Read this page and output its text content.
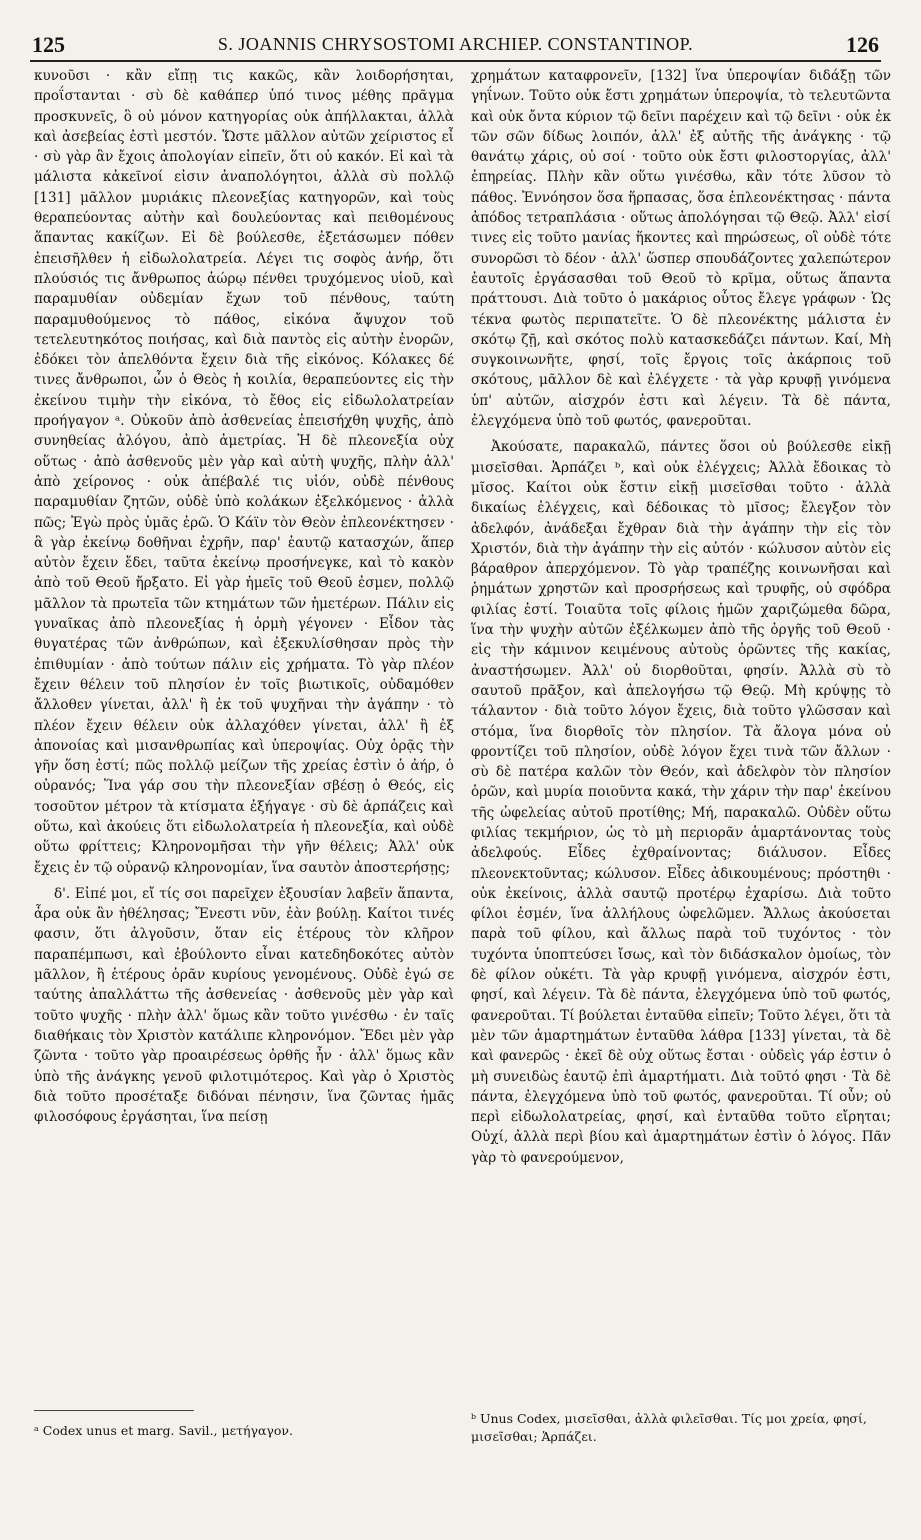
125	S. JOANNIS CHRYSOSTOMI ARCHIEP. CONSTANTINOP.	126

κυνοῦσι · κἂν εἴπῃ τις κακῶς, κἂν λοιδορήσηται, προΐστανται · σὺ δὲ καθάπερ ὑπό τινος μέθης πρᾶγμα προσκυνεῖς, ὃ οὐ μόνον κατηγορίας οὐκ ἀπήλλακται, ἀλλὰ καὶ ἀσεβείας ἐστὶ μεστόν. Ὥστε μᾶλλον αὐτῶν χείριστος εἶ · σὺ γὰρ ἂν ἔχοις ἀπολογίαν εἰπεῖν, ὅτι οὐ κακόν. Εἰ καὶ τὰ μάλιστα κἀκεῖνοί εἰσιν ἀναπολόγητοι, ἀλλὰ σὺ πολλῷ [131] μᾶλλον μυριάκις πλεονεξίας κατηγορῶν, καὶ τοὺς θεραπεύοντας αὐτὴν καὶ δουλεύοντας καὶ πειθομένους ἅπαντας κακίζων. Εἰ δὲ βούλεσθε, ἐξετάσωμεν πόθεν ἐπεισῆλθεν ἡ εἰδωλολατρεία. Λέγει τις σοφὸς ἀνήρ, ὅτι πλούσιός τις ἄνθρωπος ἀώρῳ πένθει τρυχόμενος υἱοῦ, καὶ παραμυθίαν οὐδεμίαν ἔχων τοῦ πένθους, ταύτη παραμυθούμενος τὸ πάθος, εἰκόνα ἄψυχον τοῦ τετελευτηκότος ποιήσας, καὶ διὰ παντὸς εἰς αὐτὴν ἐνορῶν, ἐδόκει τὸν ἀπελθόντα ἔχειν διὰ τῆς εἰκόνος. Κόλακες δέ τινες ἄνθρωποι, ὧν ὁ Θεὸς ἡ κοιλία, θεραπεύοντες εἰς τὴν ἐκείνου τιμὴν τὴν εἰκόνα, τὸ ἔθος εἰς εἰδωλολατρείαν προήγαγον ᵃ. Οὐκοῦν ἀπὸ ἀσθενείας ἐπεισήχθη ψυχῆς, ἀπὸ συνηθείας ἀλόγου, ἀπὸ ἀμετρίας. Ἡ δὲ πλεονεξία οὐχ οὕτως · ἀπὸ ἀσθενοῦς μὲν γὰρ καὶ αὐτὴ ψυχῆς, πλὴν ἀλλ' ἀπὸ χείρονος · οὐκ ἀπέβαλέ τις υἱόν, οὐδὲ πένθους παραμυθίαν ζητῶν, οὐδὲ ὑπὸ κολάκων ἐξελκόμενος · ἀλλὰ πῶς; Ἐγὼ πρὸς ὑμᾶς ἐρῶ. Ὁ Κάϊν τὸν Θεὸν ἐπλεονέκτησεν · ἃ γὰρ ἐκείνῳ δοθῆναι ἐχρῆν, παρ' ἑαυτῷ κατασχών, ἅπερ αὐτὸν ἔχειν ἔδει, ταῦτα ἐκείνῳ προσήνεγκε, καὶ τὸ κακὸν ἀπὸ τοῦ Θεοῦ ἤρξατο. Εἰ γὰρ ἡμεῖς τοῦ Θεοῦ ἐσμεν, πολλῷ μᾶλλον τὰ πρωτεῖα τῶν κτημάτων τῶν ἡμετέρων. Πάλιν εἰς γυναῖκας ἀπὸ πλεονεξίας ἡ ὁρμὴ γέγονεν · Εἶδον τὰς θυγατέρας τῶν ἀνθρώπων, καὶ ἐξεκυλίσθησαν πρὸς τὴν ἐπιθυμίαν · ἀπὸ τούτων πάλιν εἰς χρήματα. Τὸ γὰρ πλέον ἔχειν θέλειν τοῦ πλησίον ἐν τοῖς βιωτικοῖς, οὐδαμόθεν ἄλλοθεν γίνεται, ἀλλ' ἢ ἐκ τοῦ ψυχῆναι τὴν ἀγάπην · τὸ πλέον ἔχειν θέλειν οὐκ ἀλλαχόθεν γίνεται, ἀλλ' ἢ ἐξ ἀπονοίας καὶ μισανθρωπίας καὶ ὑπεροψίας. Οὐχ ὁρᾷς τὴν γῆν ὅση ἐστί; πῶς πολλῷ μείζων τῆς χρείας ἐστὶν ὁ ἀήρ, ὁ οὐρανός; Ἵνα γάρ σου τὴν πλεονεξίαν σβέσῃ ὁ Θεός, εἰς τοσοῦτον μέτρον τὰ κτίσματα ἐξήγαγε · σὺ δὲ ἁρπάζεις καὶ οὕτω, καὶ ἀκούεις ὅτι εἰδωλολατρεία ἡ πλεονεξία, καὶ οὐδὲ οὕτω φρίττεις; Κληρονομῆσαι τὴν γῆν θέλεις; Ἀλλ' οὐκ ἔχεις ἐν τῷ οὐρανῷ κληρονομίαν, ἵνα σαυτὸν ἀποστερήσῃς;

δ'. Εἰπέ μοι, εἴ τίς σοι παρεῖχεν ἐξουσίαν λαβεῖν ἅπαντα, ἆρα οὐκ ἂν ἠθέλησας; Ἔνεστι νῦν, ἐὰν βούλῃ. Καίτοι τινές φασιν, ὅτι ἀλγοῦσιν, ὅταν εἰς ἑτέρους τὸν κλῆρον παραπέμπωσι, καὶ ἐβούλοντο εἶναι κατεδηδοκότες αὐτὸν μᾶλλον, ἢ ἑτέρους ὁρᾶν κυρίους γενομένους. Οὐδὲ ἐγώ σε ταύτης ἀπαλλάττω τῆς ἀσθενείας · ἀσθενοῦς μὲν γὰρ καὶ τοῦτο ψυχῆς · πλὴν ἀλλ' ὅμως κἂν τοῦτο γινέσθω · ἐν ταῖς διαθήκαις τὸν Χριστὸν κατάλιπε κληρονόμον. Ἔδει μὲν γὰρ ζῶντα · τοῦτο γὰρ προαιρέσεως ὀρθῆς ἦν · ἀλλ' ὅμως κἂν ὑπὸ τῆς ἀνάγκης γενοῦ φιλοτιμότερος. Καὶ γὰρ ὁ Χριστὸς διὰ τοῦτο προσέταξε διδόναι πένησιν, ἵνα ζῶντας ἡμᾶς φιλοσόφους ἐργάσηται, ἵνα πείσῃ

χρημάτων καταφρονεῖν, [132] ἵνα ὑπεροψίαν διδάξῃ τῶν γηΐνων. Τοῦτο οὐκ ἔστι χρημάτων ὑπεροψία, τὸ τελευτῶντα καὶ οὐκ ὄντα κύριον τῷ δεῖνι παρέχειν καὶ τῷ δεῖνι · οὐκ ἐκ τῶν σῶν δίδως λοιπόν, ἀλλ' ἐξ αὐτῆς τῆς ἀνάγκης · τῷ θανάτῳ χάρις, οὐ σοί · τοῦτο οὐκ ἔστι φιλοστοργίας, ἀλλ' ἐπηρείας. Πλὴν κἂν οὕτω γινέσθω, κἂν τότε λῦσον τὸ πάθος. Ἐννόησον ὅσα ἥρπασας, ὅσα ἐπλεονέκτησας · πάντα ἀπόδος τετραπλάσια · οὕτως ἀπολόγησαι τῷ Θεῷ. Ἀλλ' εἰσί τινες εἰς τοῦτο μανίας ἥκοντες καὶ πηρώσεως, οἳ οὐδὲ τότε συνορῶσι τὸ δέον · ἀλλ' ὥσπερ σπουδάζοντες χαλεπώτερον ἑαυτοῖς ἐργάσασθαι τοῦ Θεοῦ τὸ κρῖμα, οὕτως ἅπαντα πράττουσι. Διὰ τοῦτο ὁ μακάριος οὗτος ἔλεγε γράφων · Ὡς τέκνα φωτὸς περιπατεῖτε. Ὁ δὲ πλεονέκτης μάλιστα ἐν σκότῳ ζῇ, καὶ σκότος πολὺ κατασκεδάζει πάντων. Καί, Μὴ συγκοινωνῆτε, φησί, τοῖς ἔργοις τοῖς ἀκάρποις τοῦ σκότους, μᾶλλον δὲ καὶ ἐλέγχετε · τὰ γὰρ κρυφῇ γινόμενα ὑπ' αὐτῶν, αἰσχρόν ἐστι καὶ λέγειν. Τὰ δὲ πάντα, ἐλεγχόμενα ὑπὸ τοῦ φωτός, φανεροῦται.

Ἀκούσατε, παρακαλῶ, πάντες ὅσοι οὐ βούλεσθε εἰκῇ μισεῖσθαι. Ἁρπάζει ᵇ, καὶ οὐκ ἐλέγχεις; Ἀλλὰ ἔδοικας τὸ μῖσος. Καίτοι οὐκ ἔστιν εἰκῇ μισεῖσθαι τοῦτο · ἀλλὰ δικαίως ἐλέγχεις, καὶ δέδοικας τὸ μῖσος; ἔλεγξον τὸν ἀδελφόν, ἀνάδεξαι ἔχθραν διὰ τὴν ἀγάπην τὴν εἰς τὸν Χριστόν, διὰ τὴν ἀγάπην τὴν εἰς αὐτόν · κώλυσον αὐτὸν εἰς βάραθρον ἀπερχόμενον. Τὸ γὰρ τραπέζης κοινωνῆσαι καὶ ῥημάτων χρηστῶν καὶ προσρήσεως καὶ τρυφῆς, οὐ σφόδρα φιλίας ἐστί. Τοιαῦτα τοῖς φίλοις ἡμῶν χαριζώμεθα δῶρα, ἵνα τὴν ψυχὴν αὐτῶν ἐξέλκωμεν ἀπὸ τῆς ὀργῆς τοῦ Θεοῦ · εἰς τὴν κάμινον κειμένους αὐτοὺς ὁρῶντες τῆς κακίας, ἀναστήσωμεν. Ἀλλ' οὐ διορθοῦται, φησίν. Ἀλλὰ σὺ τὸ σαυτοῦ πρᾶξον, καὶ ἀπελογήσω τῷ Θεῷ. Μὴ κρύψῃς τὸ τάλαντον · διὰ τοῦτο λόγον ἔχεις, διὰ τοῦτο γλῶσσαν καὶ στόμα, ἵνα διορθοῖς τὸν πλησίον. Τὰ ἄλογα μόνα οὐ φροντίζει τοῦ πλησίον, οὐδὲ λόγον ἔχει τινὰ τῶν ἄλλων · σὺ δὲ πατέρα καλῶν τὸν Θεόν, καὶ ἀδελφὸν τὸν πλησίον ὁρῶν, καὶ μυρία ποιοῦντα κακά, τὴν χάριν τὴν παρ' ἐκείνου τῆς ὠφελείας αὐτοῦ προτίθης; Μή, παρακαλῶ. Οὐδὲν οὕτω φιλίας τεκμήριον, ὡς τὸ μὴ περιορᾶν ἁμαρτάνοντας τοὺς ἀδελφούς. Εἶδες ἐχθραίνοντας; διάλυσον. Εἶδες πλεονεκτοῦντας; κώλυσον. Εἶδες ἀδικουμένους; πρόστηθι · οὐκ ἐκείνοις, ἀλλὰ σαυτῷ προτέρῳ ἐχαρίσω. Διὰ τοῦτο φίλοι ἐσμέν, ἵνα ἀλλήλους ὠφελῶμεν. Ἄλλως ἀκούσεται παρὰ τοῦ φίλου, καὶ ἄλλως παρὰ τοῦ τυχόντος · τὸν τυχόντα ὑποπτεύσει ἴσως, καὶ τὸν διδάσκαλον ὁμοίως, τὸν δὲ φίλον οὐκέτι. Τὰ γὰρ κρυφῇ γινόμενα, αἰσχρόν ἐστι, φησί, καὶ λέγειν. Τὰ δὲ πάντα, ἐλεγχόμενα ὑπὸ τοῦ φωτός, φανεροῦται. Τί βούλεται ἐνταῦθα εἰπεῖν; Τοῦτο λέγει, ὅτι τὰ μὲν τῶν ἁμαρτημάτων ἐνταῦθα λάθρα [133] γίνεται, τὰ δὲ καὶ φανερῶς · ἐκεῖ δὲ οὐχ οὕτως ἔσται · οὐδεὶς γάρ ἐστιν ὁ μὴ συνειδὼς ἑαυτῷ ἐπὶ ἁμαρτήματι. Διὰ τοῦτό φησι · Τὰ δὲ πάντα, ἐλεγχόμενα ὑπὸ τοῦ φωτός, φανεροῦται. Τί οὖν; οὐ περὶ εἰδωλολατρείας, φησί, καὶ ἐνταῦθα τοῦτο εἴρηται; Οὐχί, ἀλλὰ περὶ βίου καὶ ἁμαρτημάτων ἐστὶν ὁ λόγος. Πᾶν γὰρ τὸ φανερούμενον,

ᵃ Codex unus et marg. Savil., μετήγαγον.
ᵇ Unus Codex, μισεῖσθαι, ἀλλὰ φιλεῖσθαι. Τίς μοι χρεία, φησί, μισεῖσθαι; Ἁρπάζει.
